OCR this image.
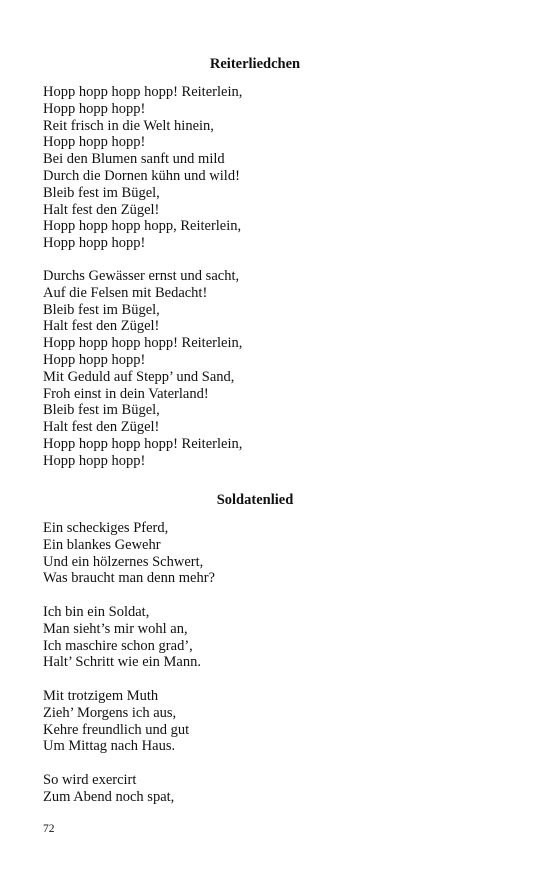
Reiterliedchen
Hopp hopp hopp hopp! Reiterlein,
Hopp hopp hopp!
Reit frisch in die Welt hinein,
Hopp hopp hopp!
Bei den Blumen sanft und mild
Durch die Dornen kühn und wild!
Bleib fest im Bügel,
Halt fest den Zügel!
Hopp hopp hopp hopp, Reiterlein,
Hopp hopp hopp!
Durchs Gewässer ernst und sacht,
Auf die Felsen mit Bedacht!
Bleib fest im Bügel,
Halt fest den Zügel!
Hopp hopp hopp hopp! Reiterlein,
Hopp hopp hopp!
Mit Geduld auf Stepp’ und Sand,
Froh einst in dein Vaterland!
Bleib fest im Bügel,
Halt fest den Zügel!
Hopp hopp hopp hopp! Reiterlein,
Hopp hopp hopp!
Soldatenlied
Ein scheckiges Pferd,
Ein blankes Gewehr
Und ein hölzernes Schwert,
Was braucht man denn mehr?
Ich bin ein Soldat,
Man sieht’s mir wohl an,
Ich maschire schon grad’,
Halt’ Schritt wie ein Mann.
Mit trotzigem Muth
Zieh’ Morgens ich aus,
Kehre freundlich und gut
Um Mittag nach Haus.
So wird exercirt
Zum Abend noch spat,
72
